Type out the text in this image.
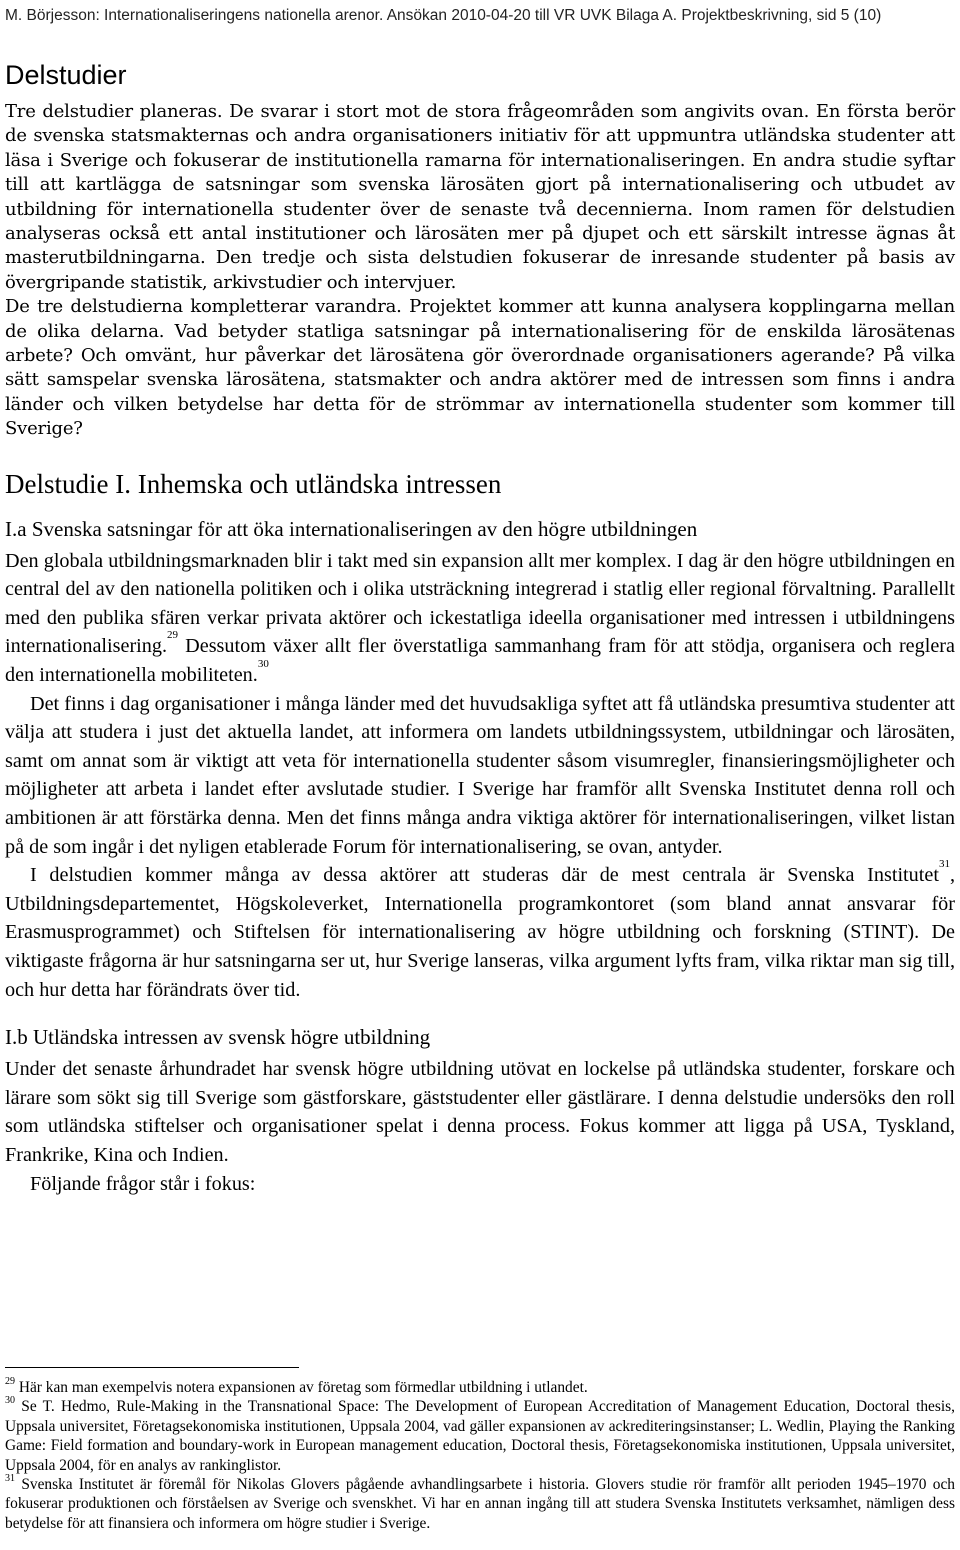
M. Börjesson: Internationaliseringens nationella arenor. Ansökan 2010-04-20 till VR UVK Bilaga A. Projektbeskrivning, sid 5 (10)
Delstudier

Tre delstudier planeras. De svarar i stort mot de stora frågeområden som angivits ovan. En första berör de svenska statsmakternas och andra organisationers initiativ för att uppmuntra utländska studenter att läsa i Sverige och fokuserar de institutionella ramarna för internationaliseringen. En andra studie syftar till att kartlägga de satsningar som svenska lärosäten gjort på internationalisering och utbudet av utbildning för internationella studenter över de senaste två decennierna. Inom ramen för delstudien analyseras också ett antal institutioner och lärosäten mer på djupet och ett särskilt intresse ägnas åt masterutbildningarna. Den tredje och sista delstudien fokuserar de inresande studenter på basis av övergripande statistik, arkivstudier och intervjuer.

De tre delstudierna kompletterar varandra. Projektet kommer att kunna analysera kopplingarna mellan de olika delarna. Vad betyder statliga satsningar på internationalisering för de enskilda lärosätenas arbete? Och omvänt, hur påverkar det lärosätena gör överordnade organisationers agerande? På vilka sätt samspelar svenska lärosätena, statsmakter och andra aktörer med de intressen som finns i andra länder och vilken betydelse har detta för de strömmar av internationella studenter som kommer till Sverige?

Delstudie I. Inhemska och utländska intressen
I.a Svenska satsningar för att öka internationaliseringen av den högre utbildningen

Den globala utbildningsmarknaden blir i takt med sin expansion allt mer komplex. I dag är den högre utbildningen en central del av den nationella politiken och i olika utsträckning integrerad i statlig eller regional förvaltning. Parallellt med den publika sfären verkar privata aktörer och ickestatliga ideella organisationer med intressen i utbildningens internationalisering.$^{29}$ Dessutom växer allt fler överstatliga sammanhang fram för att stödja, organisera och reglera den internationella mobiliteten.$^{30}$

Det finns i dag organisationer i många länder med det huvudsakliga syftet att få utländska presumtiva studenter att välja att studera i just det aktuella landet, att informera om landets utbildningssystem, utbildningar och lärosäten, samt om annat som är viktigt att veta för internationella studenter såsom visumregler, finansieringsmöjligheter och möjligheter att arbeta i landet efter avslutade studier. I Sverige har framför allt Svenska Institutet denna roll och ambitionen är att förstärka denna. Men det finns många andra viktiga aktörer för internationaliseringen, vilket listan på de som ingår i det nyligen etablerade Forum för internationalisering, se ovan, antyder.

I delstudien kommer många av dessa aktörer att studeras där de mest centrala är Svenska Institutet$^{31}$, Utbildningsdepartementet, Högskoleverket, Internationella programkontoret (som bland annat ansvarar för Erasmusprogrammet) och Stiftelsen för internationalisering av högre utbildning och forskning (STINT). De viktigaste frågorna är hur satsningarna ser ut, hur Sverige lanseras, vilka argument lyfts fram, vilka riktar man sig till, och hur detta har förändrats över tid.

I.b Utländska intressen av svensk högre utbildning

Under det senaste århundradet har svensk högre utbildning utövat en lockelse på utländska studenter, forskare och lärare som sökt sig till Sverige som gästforskare, gäststudenter eller gästlärare. I denna delstudie undersöks den roll som utländska stiftelser och organisationer spelat i denna process. Fokus kommer att ligga på USA, Tyskland, Frankrike, Kina och Indien.

Följande frågor står i fokus:

$^{29}$ Här kan man exempelvis notera expansionen av företag som förmedlar utbildning i utlandet.

$^{30}$ Se T. Hedmo, Rule-Making in the Transnational Space: The Development of European Accreditation of Management Education, Doctoral thesis, Uppsala universitet, Företagsekonomiska institutionen, Uppsala 2004, vad gäller expansionen av ackrediteringsinstanser; L. Wedlin, Playing the Ranking Game: Field formation and boundary-work in European management education, Doctoral thesis, Företagsekonomiska institutionen, Uppsala universitet, Uppsala 2004, för en analys av rankinglistor.

$^{31}$ Svenska Institutet är föremål för Nikolas Glovers pågående avhandlingsarbete i historia. Glovers studie rör framför allt perioden 1945–1970 och fokuserar produktionen och förståelsen av Sverige och svenskhet. Vi har en annan ingång till att studera Svenska Institutets verksamhet, nämligen dess betydelse för att finansiera och informera om högre studier i Sverige.
